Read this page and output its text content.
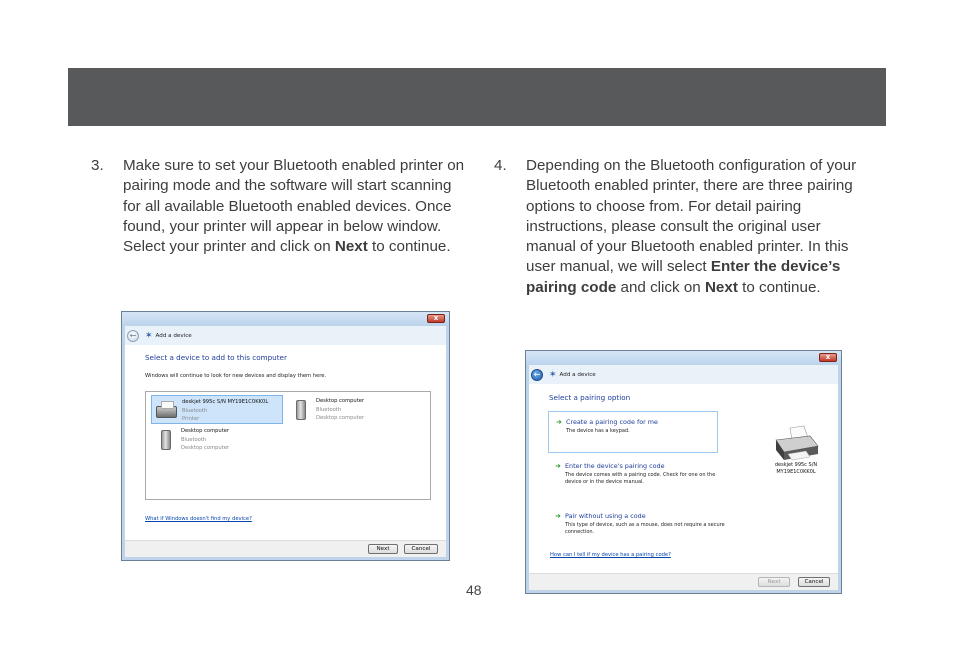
3. Make sure to set your Bluetooth enabled printer on pairing mode and the software will start scanning for all available Bluetooth enabled devices. Once found, your printer will appear in below window. Select your printer and click on Next to continue.

4. Depending on the Bluetooth configuration of your Bluetooth enabled printer, there are three pairing options to choose from. For detail pairing instructions, please consult the original user manual of your Bluetooth enabled printer. In this user manual, we will select Enter the device’s pairing code and click on Next to continue.

x
← ✶ Add a device
Select a device to add to this computer
Windows will continue to look for new devices and display them here.
deskjet 995c S/N MY19E1C0KK0L
Bluetooth
Printer
Desktop computer
Bluetooth
Desktop computer
Desktop computer
Bluetooth
Desktop computer
What if Windows doesn't find my device?
Next	Cancel
x
← ✶ Add a device
Select a pairing option
➜ Create a pairing code for me
The device has a keypad.
➜ Enter the device's pairing code
The device comes with a pairing code. Check for one on the device or in the device manual.
➜ Pair without using a code
This type of device, such as a mouse, does not require a secure connection.
deskjet 995c S/N MY19E1C0KK0L
How can I tell if my device has a pairing code?
Next	Cancel
48
